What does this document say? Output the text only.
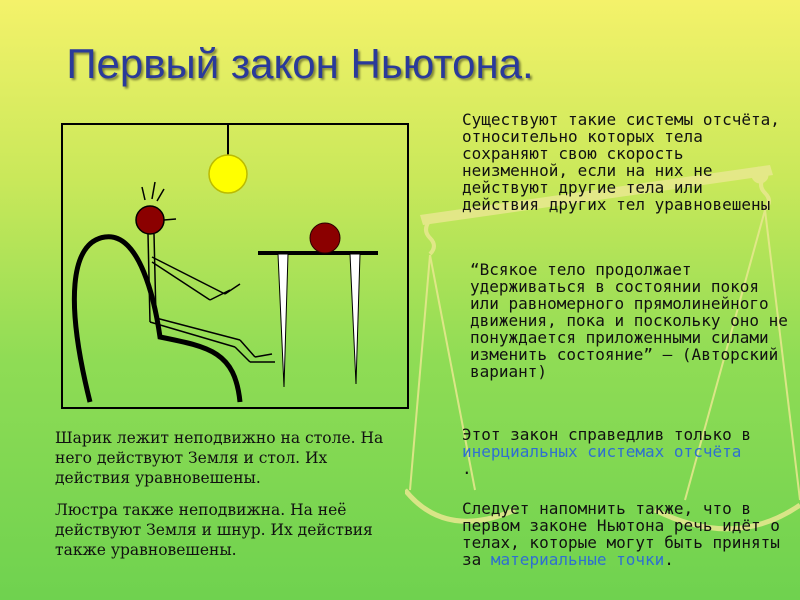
Первый закон Ньютона.
Существуют такие системы отсчёта, относительно которых тела сохраняют свою скорость неизменной, если на них не действуют другие тела или действия других тел уравновешены
“Всякое тело продолжает удерживаться в состоянии покоя или равномерного прямолинейного движения, пока и поскольку оно не понуждается приложенными силами изменить состояние” – (Авторский вариант)
Этот закон справедлив только в инерциальных системах отсчёта
.
Следует напомнить также, что в первом законе Ньютона речь идёт о телах, которые могут быть приняты за материальные точки.
Шарик лежит неподвижно на столе. На него действуют Земля и стол. Их действия уравновешены.
Люстра также неподвижна. На неё действуют Земля и шнур. Их действия также уравновешены.
